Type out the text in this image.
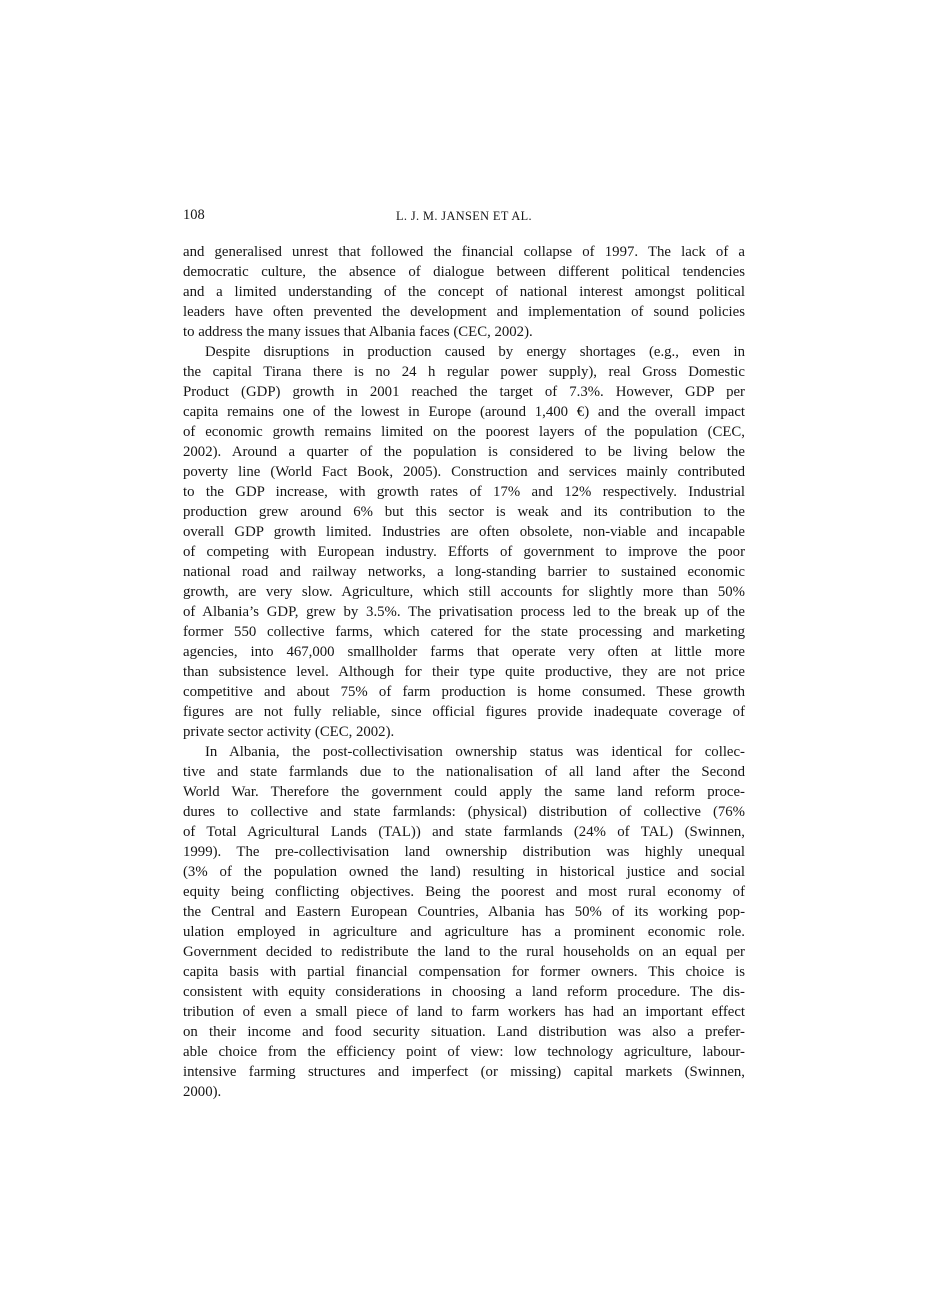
108	L. J. M. JANSEN ET AL.
and generalised unrest that followed the financial collapse of 1997. The lack of a
democratic culture, the absence of dialogue between different political tendencies
and a limited understanding of the concept of national interest amongst political
leaders have often prevented the development and implementation of sound policies
to address the many issues that Albania faces (CEC, 2002).
Despite disruptions in production caused by energy shortages (e.g., even in
the capital Tirana there is no 24 h regular power supply), real Gross Domestic
Product (GDP) growth in 2001 reached the target of 7.3%. However, GDP per
capita remains one of the lowest in Europe (around 1,400 €) and the overall impact
of economic growth remains limited on the poorest layers of the population (CEC,
2002). Around a quarter of the population is considered to be living below the
poverty line (World Fact Book, 2005). Construction and services mainly contributed
to the GDP increase, with growth rates of 17% and 12% respectively. Industrial
production grew around 6% but this sector is weak and its contribution to the
overall GDP growth limited. Industries are often obsolete, non-viable and incapable
of competing with European industry. Efforts of government to improve the poor
national road and railway networks, a long-standing barrier to sustained economic
growth, are very slow. Agriculture, which still accounts for slightly more than 50%
of Albania’s GDP, grew by 3.5%. The privatisation process led to the break up of the
former 550 collective farms, which catered for the state processing and marketing
agencies, into 467,000 smallholder farms that operate very often at little more
than subsistence level. Although for their type quite productive, they are not price
competitive and about 75% of farm production is home consumed. These growth
figures are not fully reliable, since official figures provide inadequate coverage of
private sector activity (CEC, 2002).
In Albania, the post-collectivisation ownership status was identical for collec-
tive and state farmlands due to the nationalisation of all land after the Second
World War. Therefore the government could apply the same land reform proce-
dures to collective and state farmlands: (physical) distribution of collective (76%
of Total Agricultural Lands (TAL)) and state farmlands (24% of TAL) (Swinnen,
1999). The pre-collectivisation land ownership distribution was highly unequal
(3% of the population owned the land) resulting in historical justice and social
equity being conflicting objectives. Being the poorest and most rural economy of
the Central and Eastern European Countries, Albania has 50% of its working pop-
ulation employed in agriculture and agriculture has a prominent economic role.
Government decided to redistribute the land to the rural households on an equal per
capita basis with partial financial compensation for former owners. This choice is
consistent with equity considerations in choosing a land reform procedure. The dis-
tribution of even a small piece of land to farm workers has had an important effect
on their income and food security situation. Land distribution was also a prefer-
able choice from the efficiency point of view: low technology agriculture, labour-
intensive farming structures and imperfect (or missing) capital markets (Swinnen,
2000).
